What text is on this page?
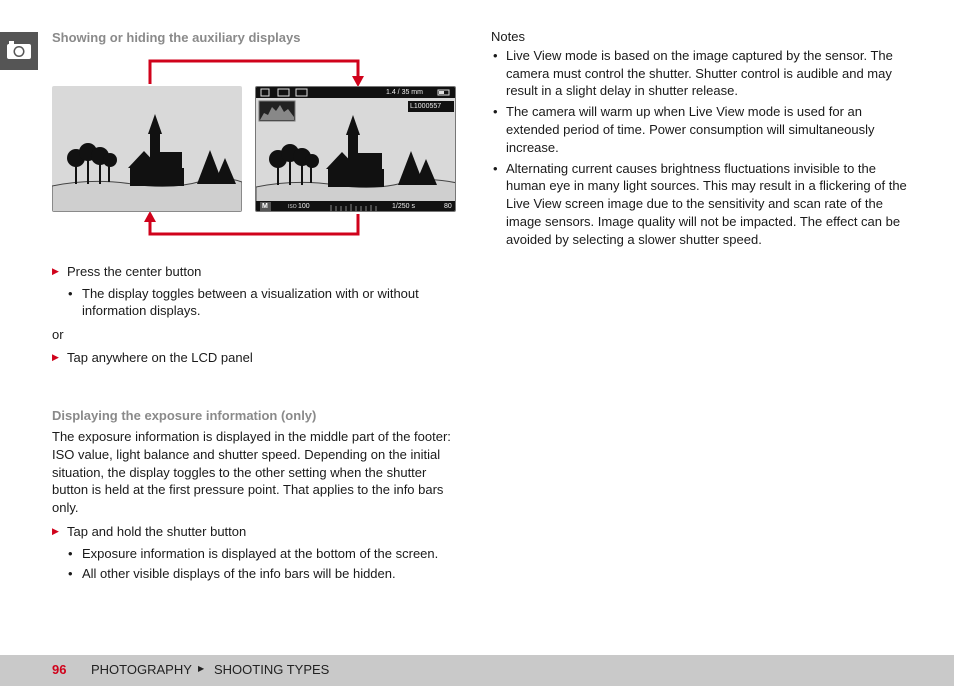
Showing or hiding the auxiliary displays
1.4 / 35 mm
L1000557
M	ISO 100	1/250 s	80
▶ Press the center button
• The display toggles between a visualization with or without information displays.
or
▶ Tap anywhere on the LCD panel
Displaying the exposure information (only)
The exposure information is displayed in the middle part of the footer: ISO value, light balance and shutter speed. Depending on the initial situation, the display toggles to the other setting when the shutter button is held at the first pressure point. That applies to the info bars only.
▶ Tap and hold the shutter button
• Exposure information is displayed at the bottom of the screen.
• All other visible displays of the info bars will be hidden.
Notes
• Live View mode is based on the image captured by the sensor. The camera must control the shutter. Shutter control is audible and may result in a slight delay in shutter release.
• The camera will warm up when Live View mode is used for an extended period of time. Power consumption will simultaneously increase.
• Alternating current causes brightness fluctuations invisible to the human eye in many light sources. This may result in a flickering of the Live View screen image due to the sensitivity and scan rate of the image sensors. Image quality will not be impacted. The effect can be avoided by selecting a slower shutter speed.
96 PHOTOGRAPHY ▶ SHOOTING TYPES
